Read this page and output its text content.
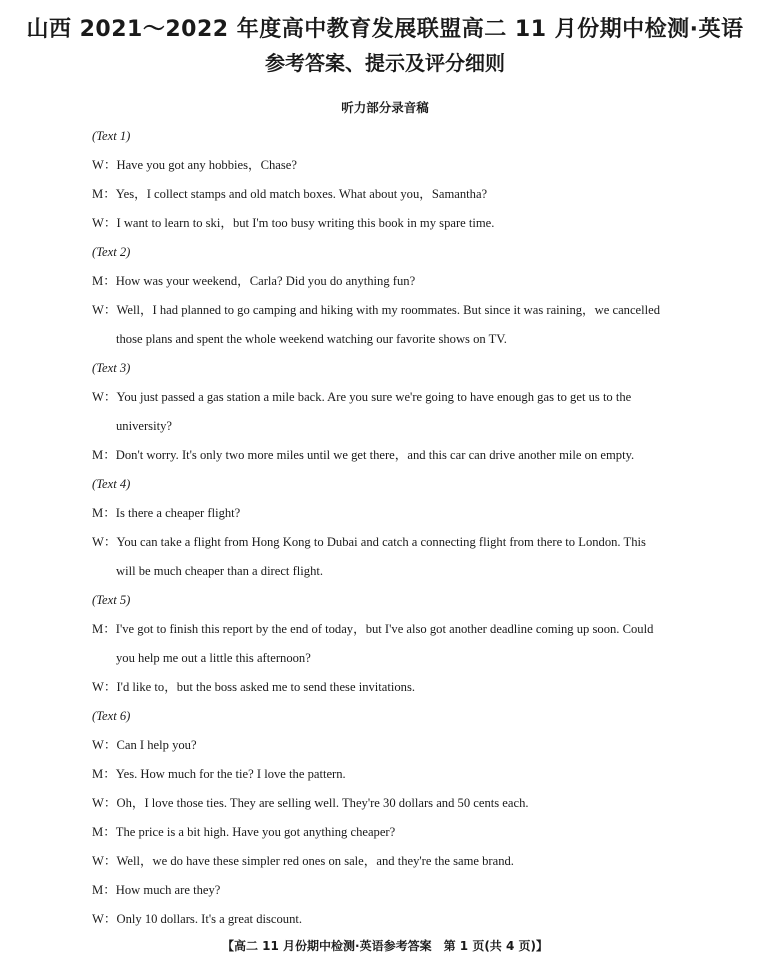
山西 2021～2022 年度高中教育发展联盟高二 11 月份期中检测·英语
参考答案、提示及评分细则
听力部分录音稿
(Text 1)
W：Have you got any hobbies，Chase?
M：Yes，I collect stamps and old match boxes. What about you，Samantha?
W：I want to learn to ski，but I'm too busy writing this book in my spare time.
(Text 2)
M：How was your weekend，Carla? Did you do anything fun?
W：Well，I had planned to go camping and hiking with my roommates. But since it was raining，we cancelled
those plans and spent the whole weekend watching our favorite shows on TV.
(Text 3)
W：You just passed a gas station a mile back. Are you sure we're going to have enough gas to get us to the
university?
M：Don't worry. It's only two more miles until we get there，and this car can drive another mile on empty.
(Text 4)
M：Is there a cheaper flight?
W：You can take a flight from Hong Kong to Dubai and catch a connecting flight from there to London. This
will be much cheaper than a direct flight.
(Text 5)
M：I've got to finish this report by the end of today，but I've also got another deadline coming up soon. Could
you help me out a little this afternoon?
W：I'd like to，but the boss asked me to send these invitations.
(Text 6)
W：Can I help you?
M：Yes. How much for the tie? I love the pattern.
W：Oh，I love those ties. They are selling well. They're 30 dollars and 50 cents each.
M：The price is a bit high. Have you got anything cheaper?
W：Well，we do have these simpler red ones on sale，and they're the same brand.
M：How much are they?
W：Only 10 dollars. It's a great discount.
【高二 11 月份期中检测·英语参考答案　第 1 页(共 4 页)】
